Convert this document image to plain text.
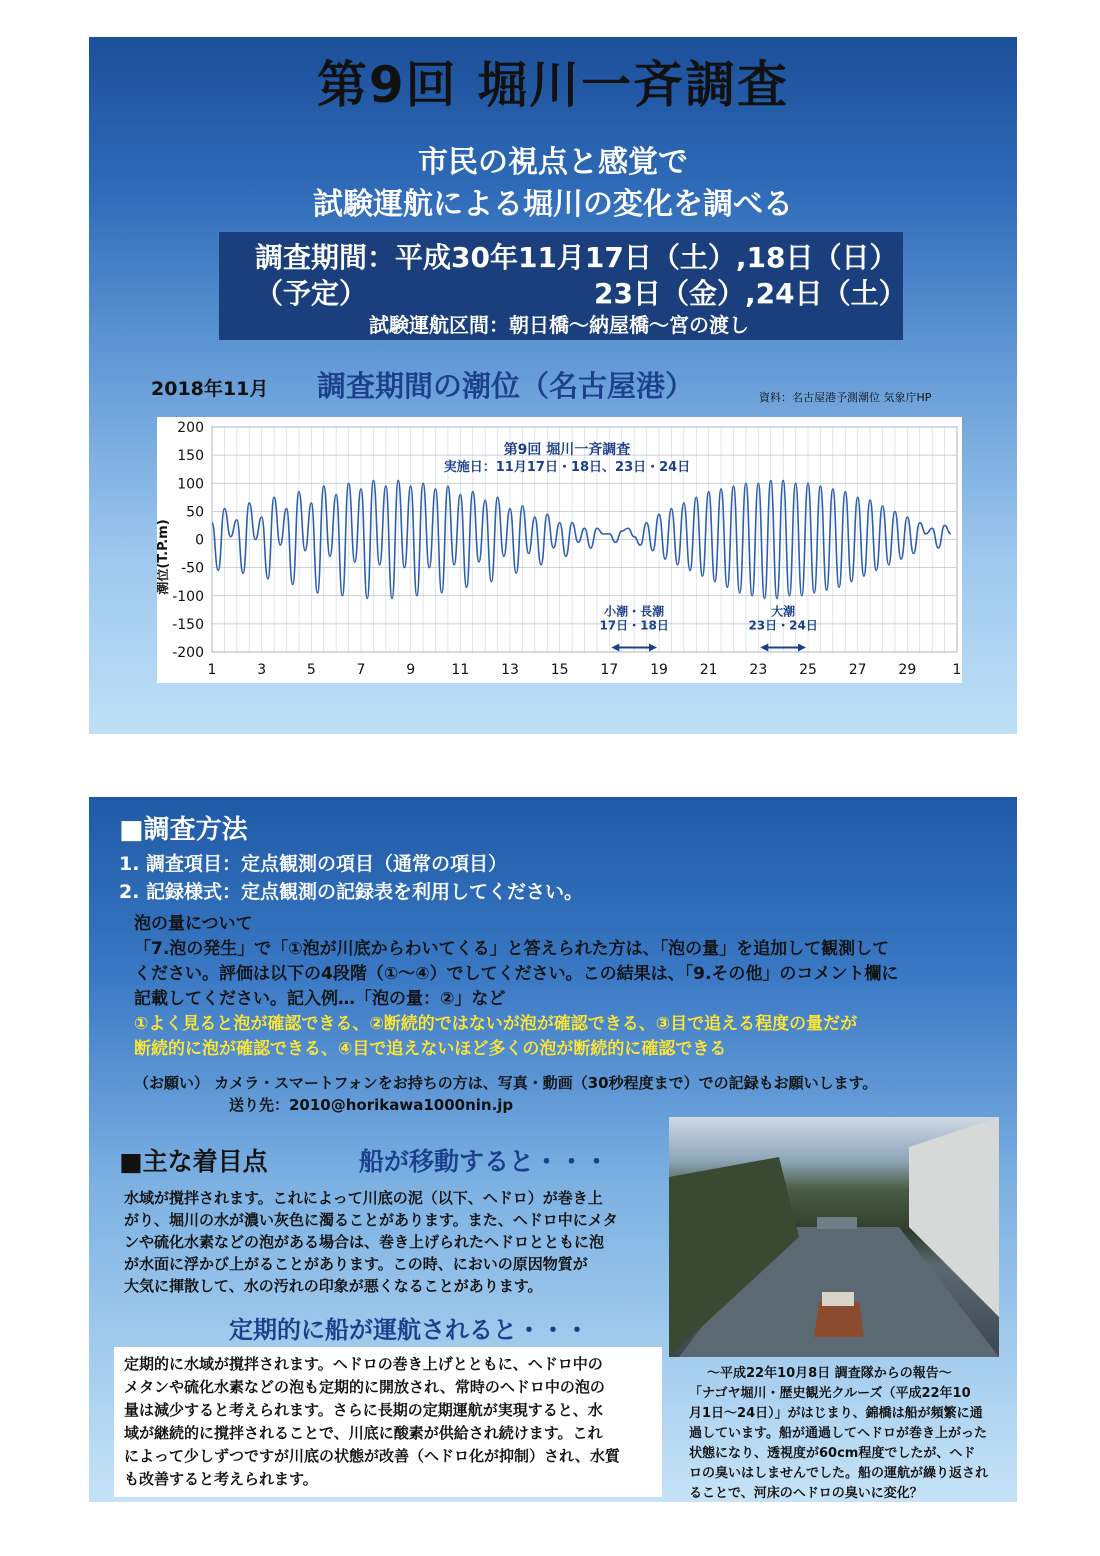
第9回 堀川一斉調査
市民の視点と感覚で
試験運航による堀川の変化を調べる
調査期間：平成30年11月17日（土）,18日（日）
（予定）	23日（金）,24日（土）
試験運航区間：朝日橋～納屋橋～宮の渡し
2018年11月 調査期間の潮位（名古屋港）	資料：名古屋港予測潮位 気象庁HP
200
150
100
50
0
-50
-100
-150
-200
1	3	5	7	9	11 13 15 17 19 21 23 25 27 29	1
小潮・長潮
17日・18日
大潮
23日・24日
潮位(T.P.m)
第9回 堀川一斉調査
実施日：11月17日・18日、23日・24日
■調査方法
1. 調査項目：定点観測の項目（通常の項目）
2. 記録様式：定点観測の記録表を利用してください。
泡の量について
「7.泡の発生」で「①泡が川底からわいてくる」と答えられた方は、「泡の量」を追加して観測して
ください。評価は以下の4段階（①～④）でしてください。この結果は、「9.その他」のコメント欄に
記載してください。記入例…「泡の量：②」など
①よく見ると泡が確認できる、②断続的ではないが泡が確認できる、③目で追える程度の量だが
断続的に泡が確認できる、④目で追えないほど多くの泡が断続的に確認できる
（お願い） カメラ・スマートフォンをお持ちの方は、写真・動画（30秒程度まで）での記録もお願いします。
送り先：2010@horikawa1000nin.jp
■主な着目点	船が移動すると・・・
水域が撹拌されます。これによって川底の泥（以下、ヘドロ）が巻き上
がり、堀川の水が濃い灰色に濁ることがあります。また、ヘドロ中にメタ
ンや硫化水素などの泡がある場合は、巻き上げられたヘドロとともに泡
が水面に浮かび上がることがあります。この時、においの原因物質が
大気に揮散して、水の汚れの印象が悪くなることがあります。
定期的に船が運航されると・・・
定期的に水域が撹拌されます。ヘドロの巻き上げとともに、ヘドロ中の
メタンや硫化水素などの泡も定期的に開放され、常時のヘドロ中の泡の
量は減少すると考えられます。さらに長期の定期運航が実現すると、水
域が継続的に撹拌されることで、川底に酸素が供給され続けます。これ
によって少しずつですが川底の状態が改善（ヘドロ化が抑制）され、水質
も改善すると考えられます。
～平成22年10月8日 調査隊からの報告～
「ナゴヤ堀川・歴史観光クルーズ（平成22年10
月1日～24日）」がはじまり、錦橋は船が頻繁に通
過しています。船が通過してヘドロが巻き上がった
状態になり、透視度が60cm程度でしたが、ヘド
ロの臭いはしませんでした。船の運航が繰り返され
ることで、河床のヘドロの臭いに変化？
